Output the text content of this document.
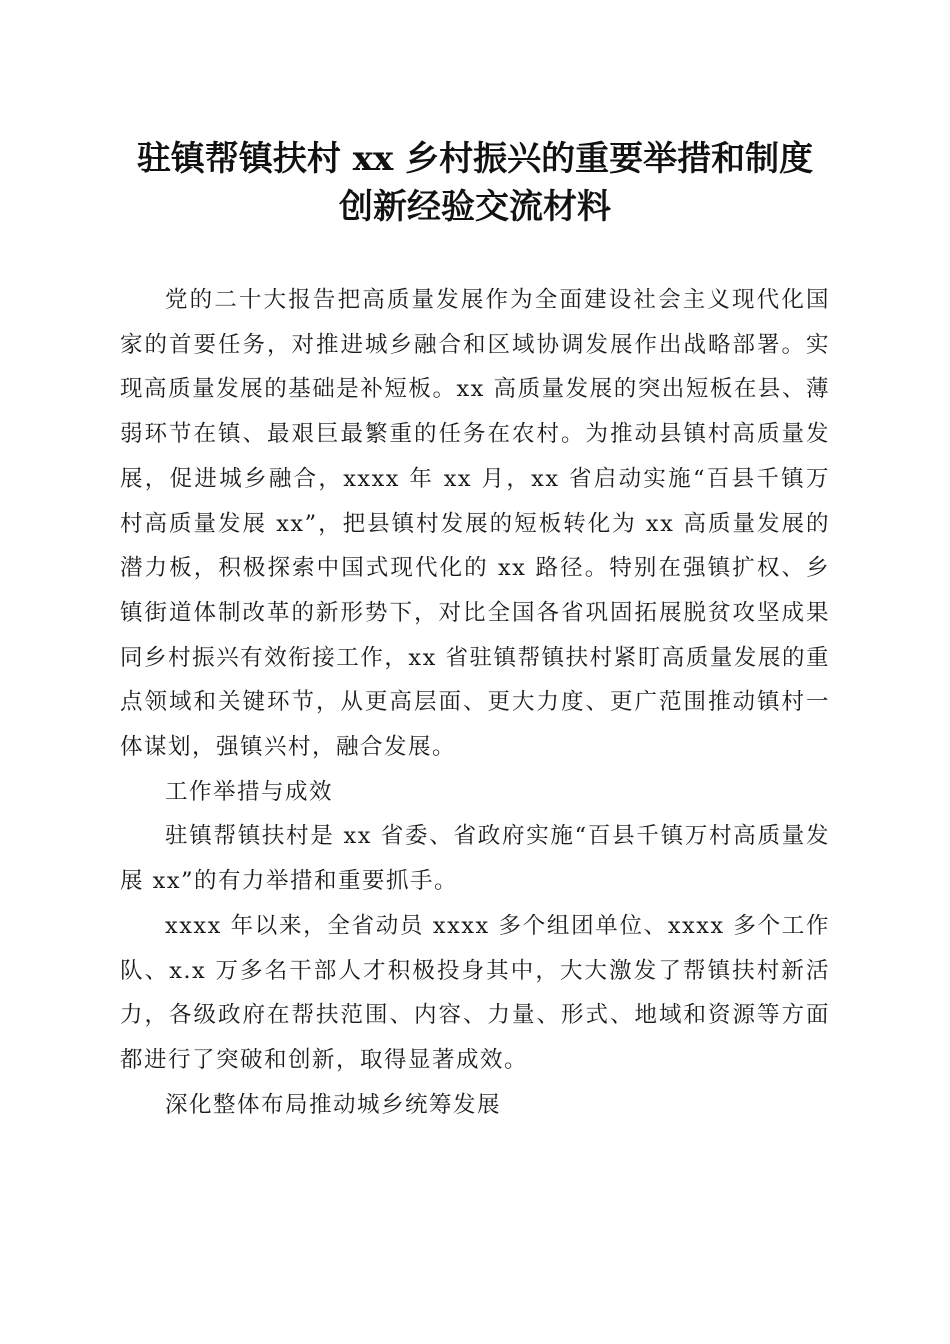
驻镇帮镇扶村 xx 乡村振兴的重要举措和制度
创新经验交流材料

党的二十大报告把高质量发展作为全面建设社会主义现代化国家的首要任务，对推进城乡融合和区域协调发展作出战略部署。实现高质量发展的基础是补短板。xx 高质量发展的突出短板在县、薄弱环节在镇、最艰巨最繁重的任务在农村。为推动县镇村高质量发展，促进城乡融合，xxxx 年 xx 月，xx 省启动实施“百县千镇万村高质量发展 xx”，把县镇村发展的短板转化为 xx 高质量发展的潜力板，积极探索中国式现代化的 xx 路径。特别在强镇扩权、乡镇街道体制改革的新形势下，对比全国各省巩固拓展脱贫攻坚成果同乡村振兴有效衔接工作，xx 省驻镇帮镇扶村紧盯高质量发展的重点领域和关键环节，从更高层面、更大力度、更广范围推动镇村一体谋划，强镇兴村，融合发展。

工作举措与成效

驻镇帮镇扶村是 xx 省委、省政府实施“百县千镇万村高质量发展 xx”的有力举措和重要抓手。

xxxx 年以来，全省动员 xxxx 多个组团单位、xxxx 多个工作队、x.x 万多名干部人才积极投身其中，大大激发了帮镇扶村新活力，各级政府在帮扶范围、内容、力量、形式、地域和资源等方面都进行了突破和创新，取得显著成效。

深化整体布局推动城乡统筹发展
